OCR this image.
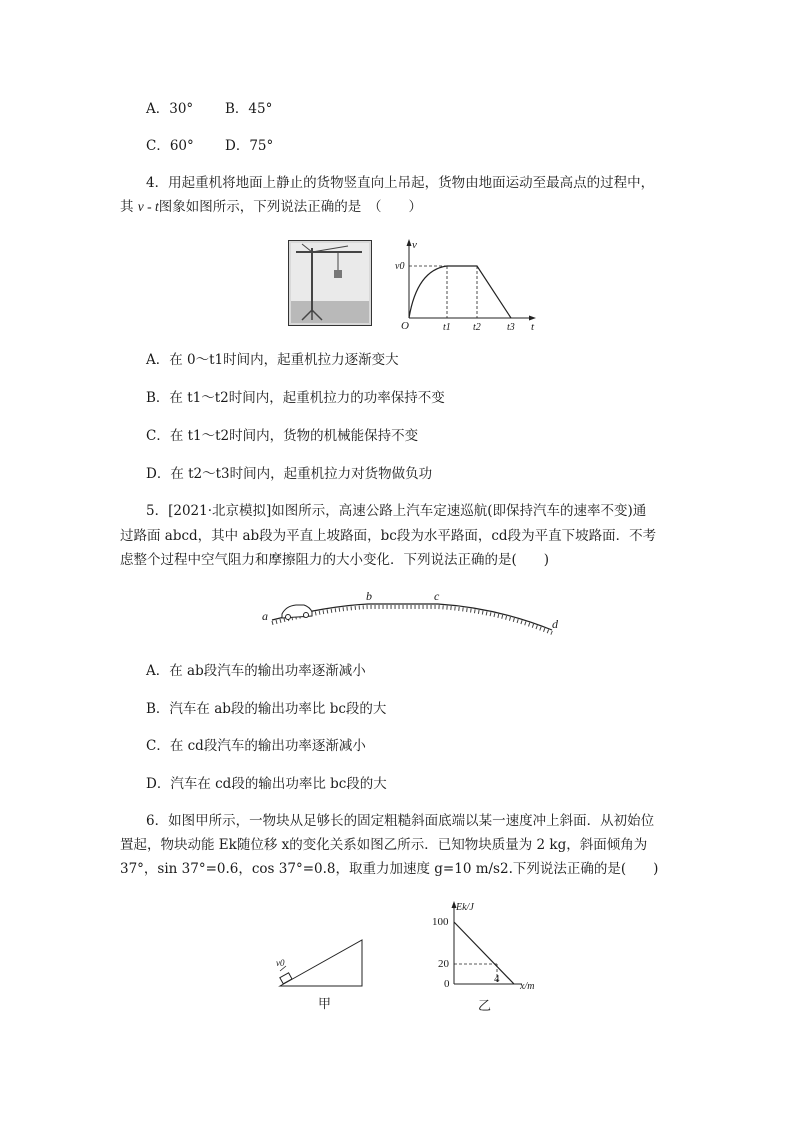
A．30° B．45°
C．60° D．75°
4．用起重机将地面上静止的货物竖直向上吊起，货物由地面运动至最高点的过程中，
其 v - t图象如图所示，下列说法正确的是　（　　）
v
v0
O	t1 t2	t3 t
A．在 0～t1时间内，起重机拉力逐渐变大
B．在 t1～t2时间内，起重机拉力的功率保持不变
C．在 t1～t2时间内，货物的机械能保持不变
D．在 t2～t3时间内，起重机拉力对货物做负功
5．[2021·北京模拟]如图所示，高速公路上汽车定速巡航(即保持汽车的速率不变)通
过路面 abcd，其中 ab段为平直上坡路面，bc段为水平路面，cd段为平直下坡路面．不考
虑整个过程中空气阻力和摩擦阻力的大小变化．下列说法正确的是(　　)
a
b	c
d
A．在 ab段汽车的输出功率逐渐减小
B．汽车在 ab段的输出功率比 bc段的大
C．在 cd段汽车的输出功率逐渐减小
D．汽车在 cd段的输出功率比 bc段的大
6．如图甲所示，一物块从足够长的固定粗糙斜面底端以某一速度冲上斜面．从初始位
置起，物块动能 Ek随位移 x的变化关系如图乙所示．已知物块质量为 2 kg，斜面倾角为
37°，sin 37°=0.6，cos 37°=0.8，取重力加速度 g=10 m/s2.下列说法正确的是(　　)
v0
甲
Ek/J
100
20
0	4
x/m
乙
